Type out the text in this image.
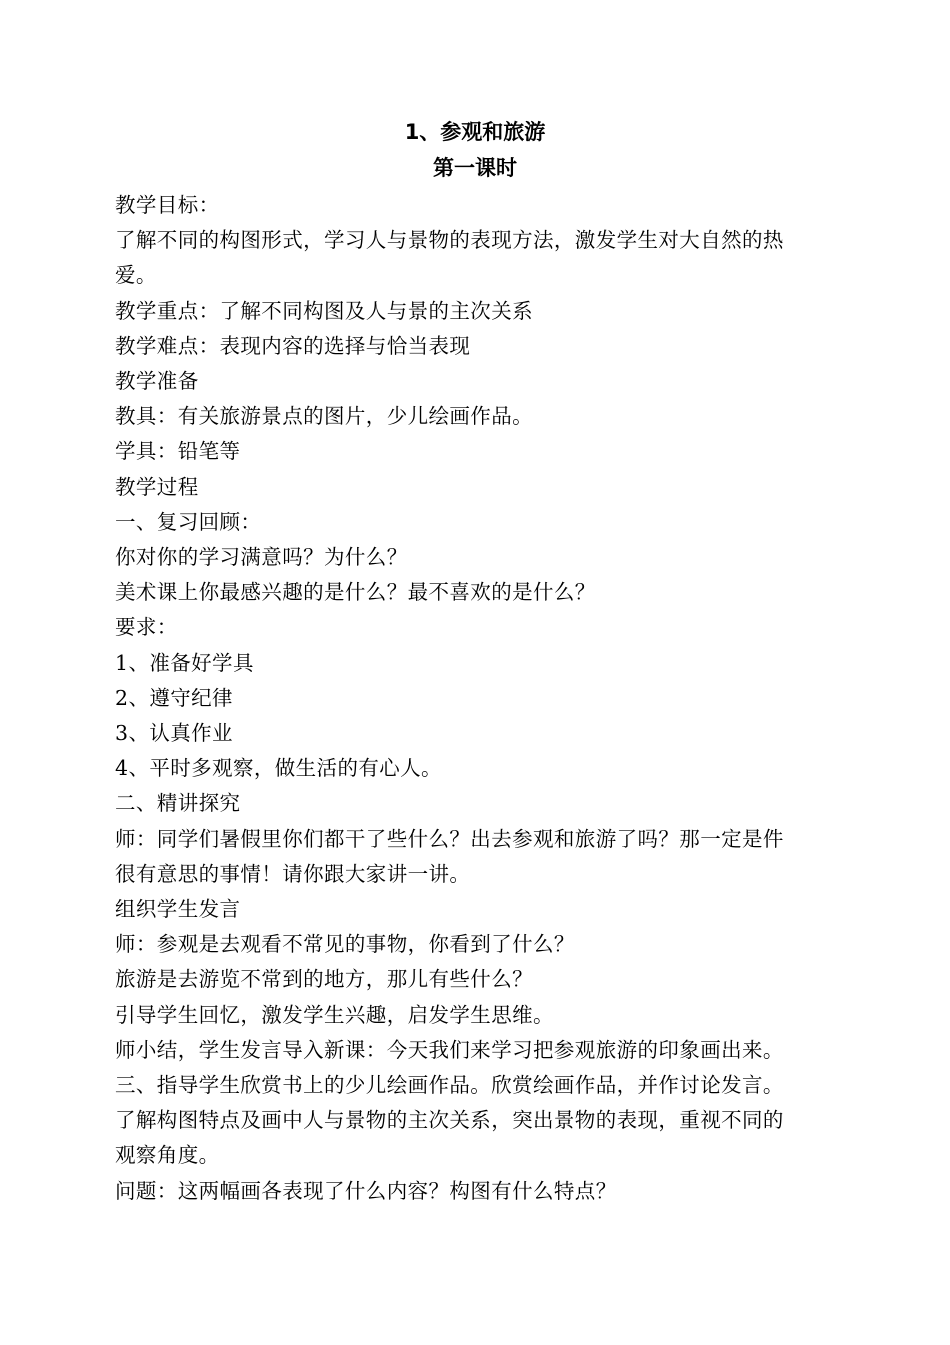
1、参观和旅游
第一课时
教学目标：
了解不同的构图形式，学习人与景物的表现方法，激发学生对大自然的热
爱。
教学重点：了解不同构图及人与景的主次关系
教学难点：表现内容的选择与恰当表现
教学准备
教具：有关旅游景点的图片，少儿绘画作品。
学具：铅笔等
教学过程
一、复习回顾：
你对你的学习满意吗？为什么？
美术课上你最感兴趣的是什么？最不喜欢的是什么？
要求：
1、准备好学具
2、遵守纪律
3、认真作业
4、平时多观察，做生活的有心人。
二、精讲探究
师：同学们暑假里你们都干了些什么？出去参观和旅游了吗？那一定是件
很有意思的事情！请你跟大家讲一讲。
组织学生发言
师：参观是去观看不常见的事物，你看到了什么？
旅游是去游览不常到的地方，那儿有些什么？
引导学生回忆，激发学生兴趣，启发学生思维。
师小结，学生发言导入新课：今天我们来学习把参观旅游的印象画出来。
三、指导学生欣赏书上的少儿绘画作品。欣赏绘画作品，并作讨论发言。
了解构图特点及画中人与景物的主次关系，突出景物的表现，重视不同的
观察角度。
问题：这两幅画各表现了什么内容？构图有什么特点？
